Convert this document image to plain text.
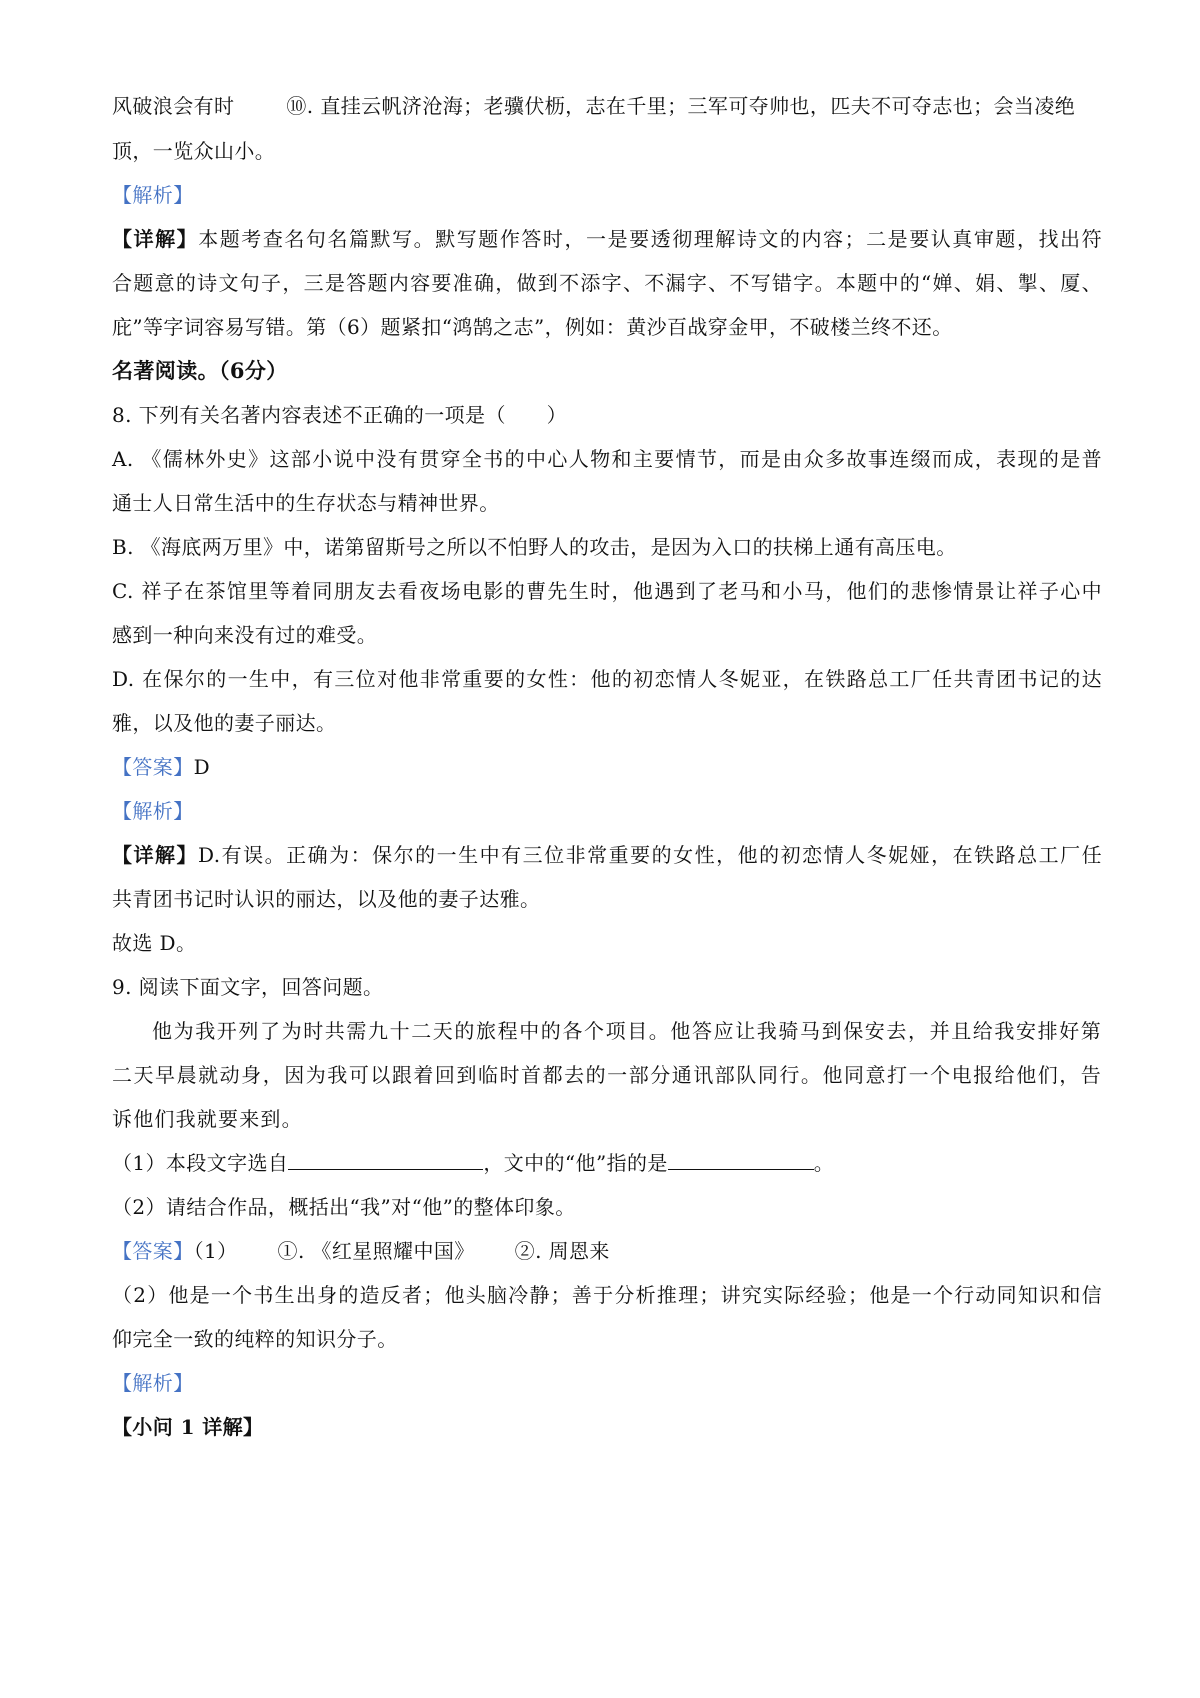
风破浪会有时	⑩. 直挂云帆济沧海；老骥伏枥，志在千里；三军可夺帅也，匹夫不可夺志也；会当凌绝
顶，一览众山小。
【解析】
【详解】本题考查名句名篇默写。默写题作答时，一是要透彻理解诗文的内容；二是要认真审题，找出符
合题意的诗文句子，三是答题内容要准确，做到不添字、不漏字、不写错字。本题中的“婵、娟、掣、厦、
庇”等字词容易写错。第（6）题紧扣“鸿鹄之志”，例如：黄沙百战穿金甲，不破楼兰终不还。
名著阅读。（6分）
8. 下列有关名著内容表述不正确的一项是（　　）
A. 《儒林外史》这部小说中没有贯穿全书的中心人物和主要情节，而是由众多故事连缀而成，表现的是普
通士人日常生活中的生存状态与精神世界。
B. 《海底两万里》中，诺第留斯号之所以不怕野人的攻击，是因为入口的扶梯上通有高压电。
C. 祥子在茶馆里等着同朋友去看夜场电影的曹先生时，他遇到了老马和小马，他们的悲惨情景让祥子心中
感到一种向来没有过的难受。
D. 在保尔的一生中，有三位对他非常重要的女性：他的初恋情人冬妮亚，在铁路总工厂任共青团书记的达
雅，以及他的妻子丽达。
【答案】D
【解析】
【详解】D.有误。正确为：保尔的一生中有三位非常重要的女性，他的初恋情人冬妮娅，在铁路总工厂任
共青团书记时认识的丽达，以及他的妻子达雅。
故选 D。
9. 阅读下面文字，回答问题。
他为我开列了为时共需九十二天的旅程中的各个项目。他答应让我骑马到保安去，并且给我安排好第
二天早晨就动身，因为我可以跟着回到临时首都去的一部分通讯部队同行。他同意打一个电报给他们，告
诉他们我就要来到。
（1）本段文字选自	，文中的“他”指的是	。
（2）请结合作品，概括出“我”对“他”的整体印象。
【答案】（1） ①. 《红星照耀中国》 ②. 周恩来
（2）他是一个书生出身的造反者；他头脑冷静；善于分析推理；讲究实际经验；他是一个行动同知识和信
仰完全一致的纯粹的知识分子。
【解析】
【小问 1 详解】
